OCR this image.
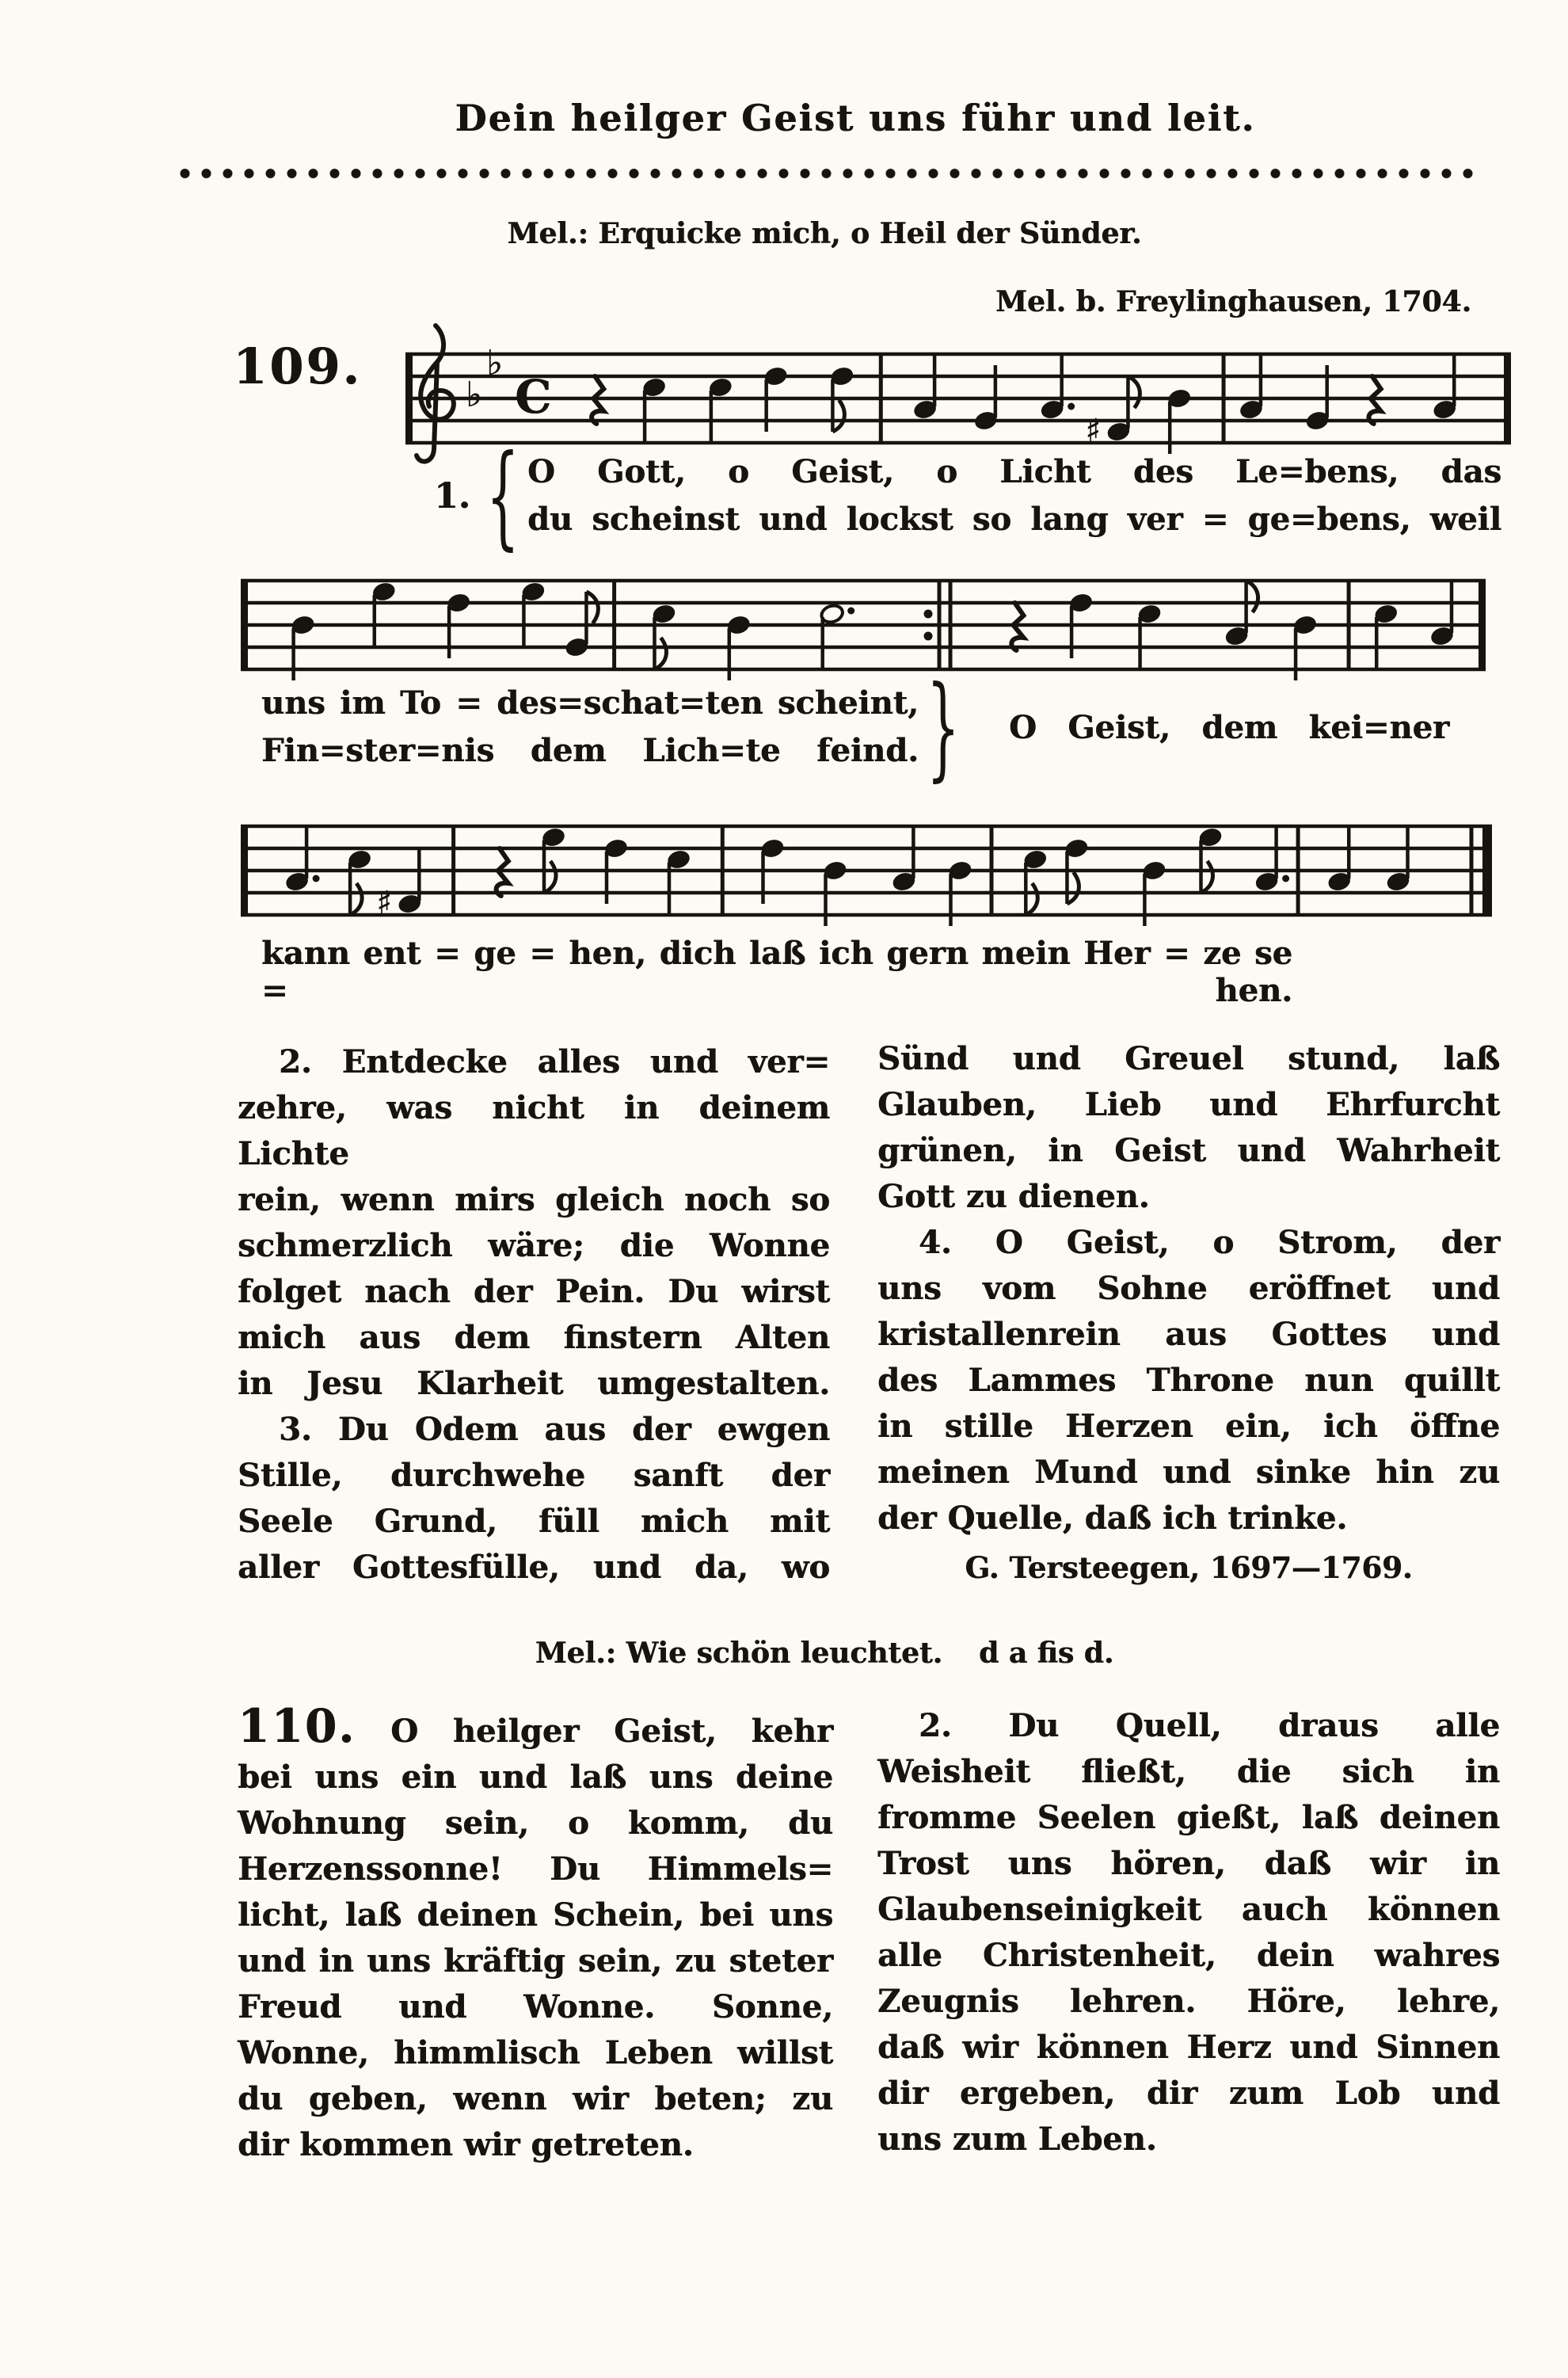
Dein heilger Geist uns führ und leit.
Mel.: Erquicke mich, o Heil der Sünder.
Mel. b. Freylinghausen, 1704.
109.	♭
♭
C
♯
1. { O Gott, o Geist, o Licht des Le=bens, das
du scheinst und lockst so lang ver = ge=bens, weil
uns im To = des=schat=ten scheint,
Fin=ster=nis dem Lich=te feind. } O Geist, dem kei=ner
♯
kann ent = ge = hen, dich laß ich gern mein Her = ze se = hen.
2. Entdecke alles und ver=
zehre, was nicht in deinem Lichte
rein, wenn mirs gleich noch so
schmerzlich wäre; die Wonne
folget nach der Pein. Du wirst
mich aus dem finstern Alten
in Jesu Klarheit umgestalten.
3. Du Odem aus der ewgen
Stille, durchwehe sanft der
Seele Grund, füll mich mit
aller Gottesfülle, und da, wo
Sünd und Greuel stund, laß
Glauben, Lieb und Ehrfurcht
grünen, in Geist und Wahrheit
Gott zu dienen.
4. O Geist, o Strom, der
uns vom Sohne eröffnet und
kristallenrein aus Gottes und
des Lammes Throne nun quillt
in stille Herzen ein, ich öffne
meinen Mund und sinke hin zu
der Quelle, daß ich trinke.
G. Tersteegen, 1697—1769.
Mel.: Wie schön leuchtet. d a fis d.
110. O heilger Geist, kehr
bei uns ein und laß uns deine
Wohnung sein, o komm, du
Herzenssonne! Du Himmels=
licht, laß deinen Schein, bei uns
und in uns kräftig sein, zu steter
Freud und Wonne. Sonne,
Wonne, himmlisch Leben willst
du geben, wenn wir beten; zu
dir kommen wir getreten.
2. Du Quell, draus alle
Weisheit fließt, die sich in
fromme Seelen gießt, laß deinen
Trost uns hören, daß wir in
Glaubenseinigkeit auch können
alle Christenheit, dein wahres
Zeugnis lehren. Höre, lehre,
daß wir können Herz und Sinnen
dir ergeben, dir zum Lob und
uns zum Leben.
